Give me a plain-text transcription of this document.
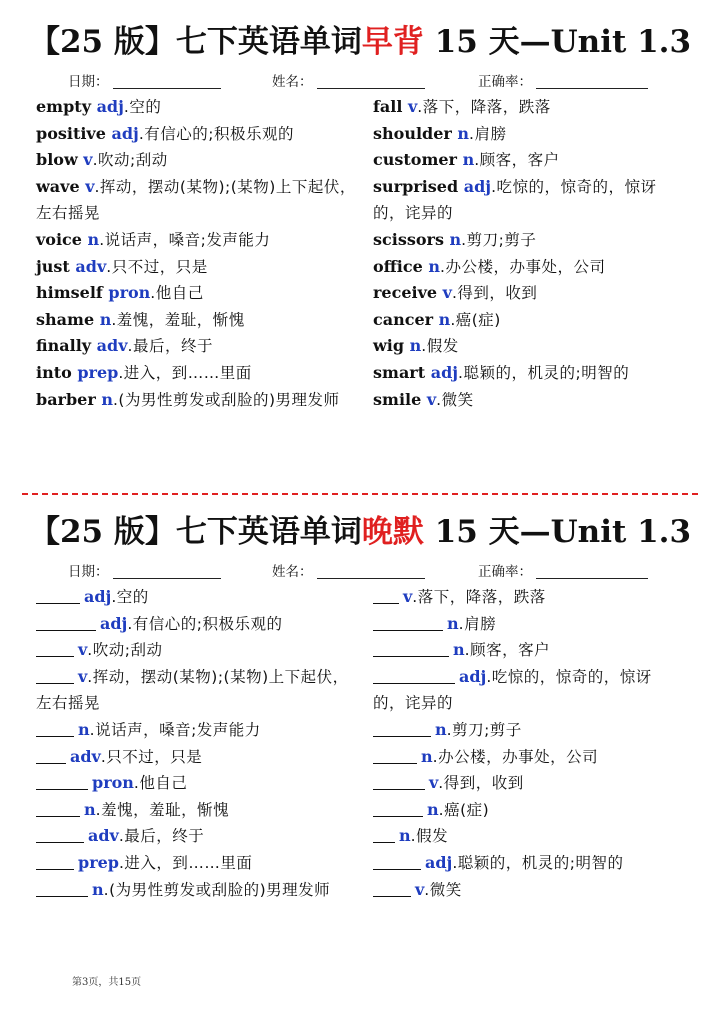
【25 版】七下英语单词早背 15 天—Unit 1.3
日期：	姓名：	正确率：
empty adj.空的
positive adj.有信心的;积极乐观的
blow v.吹动;刮动
wave v.挥动，摆动(某物);(某物)上下起伏，左右摇晃
voice n.说话声，嗓音;发声能力
just adv.只不过，只是
himself pron.他自己
shame n.羞愧，羞耻，惭愧
finally adv.最后，终于
into prep.进入，到……里面
barber n.(为男性剪发或刮脸的)男理发师
fall v.落下，降落，跌落
shoulder n.肩膀
customer n.顾客，客户
surprised adj.吃惊的，惊奇的，惊讶的，诧异的
scissors n.剪刀;剪子
office n.办公楼，办事处，公司
receive v.得到，收到
cancer n.癌(症)
wig n.假发
smart adj.聪颖的，机灵的;明智的
smile v.微笑
【25 版】七下英语单词晚默 15 天—Unit 1.3
日期：	姓名：	正确率：
adj.空的
adj.有信心的;积极乐观的
v.吹动;刮动
v.挥动，摆动(某物);(某物)上下起伏，左右摇晃
n.说话声，嗓音;发声能力
adv.只不过，只是
pron.他自己
n.羞愧，羞耻，惭愧
adv.最后，终于
prep.进入，到……里面
n.(为男性剪发或刮脸的)男理发师
v.落下，降落，跌落
n.肩膀
n.顾客，客户
adj.吃惊的，惊奇的，惊讶的，诧异的
n.剪刀;剪子
n.办公楼，办事处，公司
v.得到，收到
n.癌(症)
n.假发
adj.聪颖的，机灵的;明智的
v.微笑
第3页，共15页
